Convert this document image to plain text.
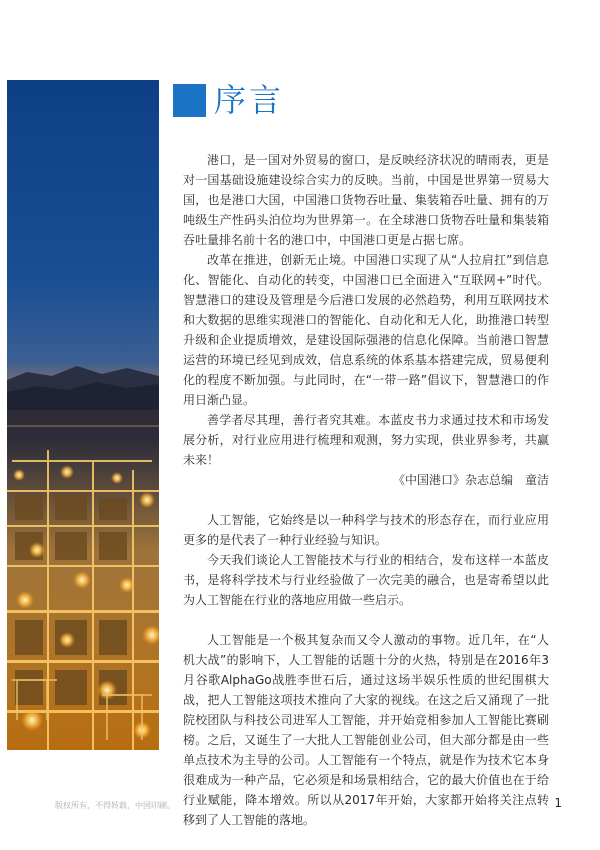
序言

港口，是一国对外贸易的窗口，是反映经济状况的晴雨表，更是对一国基础设施建设综合实力的反映。当前，中国是世界第一贸易大国，也是港口大国，中国港口货物吞吐量、集装箱吞吐量、拥有的万吨级生产性码头泊位均为世界第一。在全球港口货物吞吐量和集装箱吞吐量排名前十名的港口中，中国港口更是占据七席。

改革在推进，创新无止境。中国港口实现了从“人拉肩扛”到信息化、智能化、自动化的转变，中国港口已全面进入“互联网+”时代。智慧港口的建设及管理是今后港口发展的必然趋势，利用互联网技术和大数据的思维实现港口的智能化、自动化和无人化，助推港口转型升级和企业提质增效，是建设国际强港的信息化保障。当前港口智慧运营的环境已经见到成效，信息系统的体系基本搭建完成，贸易便利化的程度不断加强。与此同时，在“一带一路”倡议下，智慧港口的作用日渐凸显。

善学者尽其理，善行者究其难。本蓝皮书力求通过技术和市场发展分析，对行业应用进行梳理和观测，努力实现，供业界参考，共赢未来！

《中国港口》杂志总编　童洁

人工智能，它始终是以一种科学与技术的形态存在，而行业应用更多的是代表了一种行业经验与知识。

今天我们谈论人工智能技术与行业的相结合，发布这样一本蓝皮书，是将科学技术与行业经验做了一次完美的融合，也是寄希望以此为人工智能在行业的落地应用做一些启示。

人工智能是一个极其复杂而又令人激动的事物。近几年，在“人机大战”的影响下，人工智能的话题十分的火热，特别是在2016年3月谷歌AlphaGo战胜李世石后，通过这场半娱乐性质的世纪围棋大战，把人工智能这项技术推向了大家的视线。在这之后又涌现了一批院校团队与科技公司进军人工智能，并开始竞相参加人工智能比赛刷榜。之后，又诞生了一大批人工智能创业公司，但大部分都是由一些单点技术为主导的公司。人工智能有一个特点，就是作为技术它本身很难成为一种产品，它必须是和场景相结合，它的最大价值也在于给行业赋能，降本增效。所以从2017年开始，大家都开始将关注点转移到了人工智能的落地。

版权所有，不得转载，中国印刷。	1
